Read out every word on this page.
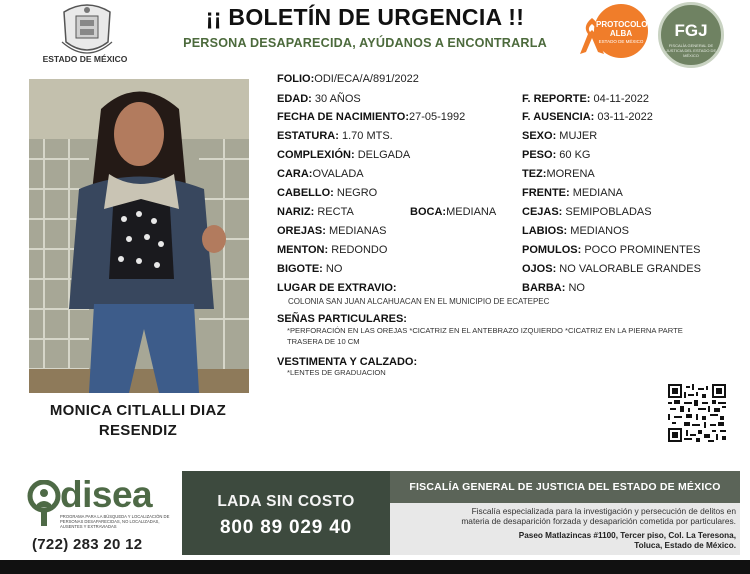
ESTADO DE MÉXICO
¡¡ BOLETÍN DE URGENCIA !!
PERSONA DESAPARECIDA, AYÚDANOS A ENCONTRARLA
PROTOCOLO
ALBA
ESTADO DE MÉXICO
FGJ
FISCALÍA GENERAL DE JUSTICIA DEL ESTADO DE MÉXICO
MONICA CITLALLI DIAZ
RESENDIZ
FOLIO:ODI/ECA/A/891/2022
EDAD: 30 AÑOS	F. REPORTE: 04-11-2022
FECHA DE NACIMIENTO:27-05-1992	F. AUSENCIA: 03-11-2022
ESTATURA: 1.70 MTS.	SEXO: MUJER
COMPLEXIÓN: DELGADA	PESO: 60 KG
CARA:OVALADA	TEZ:MORENA
CABELLO: NEGRO	FRENTE: MEDIANA
NARIZ: RECTA	BOCA:MEDIANA CEJAS: SEMIPOBLADAS
OREJAS: MEDIANAS	LABIOS: MEDIANOS
MENTON: REDONDO	POMULOS: POCO PROMINENTES
BIGOTE: NO	OJOS: NO VALORABLE GRANDES
LUGAR DE EXTRAVIO:	BARBA: NO
COLONIA SAN JUAN ALCAHUACAN EN EL MUNICIPIO DE ECATEPEC
SEÑAS PARTICULARES:
*PERFORACIÓN EN LAS OREJAS *CICATRIZ EN EL ANTEBRAZO IZQUIERDO *CICATRIZ EN LA PIERNA PARTE
TRASERA DE 10 CM
VESTIMENTA Y CALZADO:
*LENTES DE GRADUACION
disea
PROGRAMA PARA LA BÚSQUEDA Y LOCALIZACIÓN DE PERSONAS DESAPARECIDAS, NO LOCALIZADAS, AUSENTES Y EXTRAVIADAS
(722) 283 20 12
LADA SIN COSTO
800 89 029 40
FISCALÍA GENERAL DE JUSTICIA DEL ESTADO DE MÉXICO
Fiscalía especializada para la investigación y persecución de delitos en
materia de desaparición forzada y desaparición cometida por particulares.
Paseo Matlazincas #1100, Tercer piso, Col. La Teresona,
Toluca, Estado de México.
